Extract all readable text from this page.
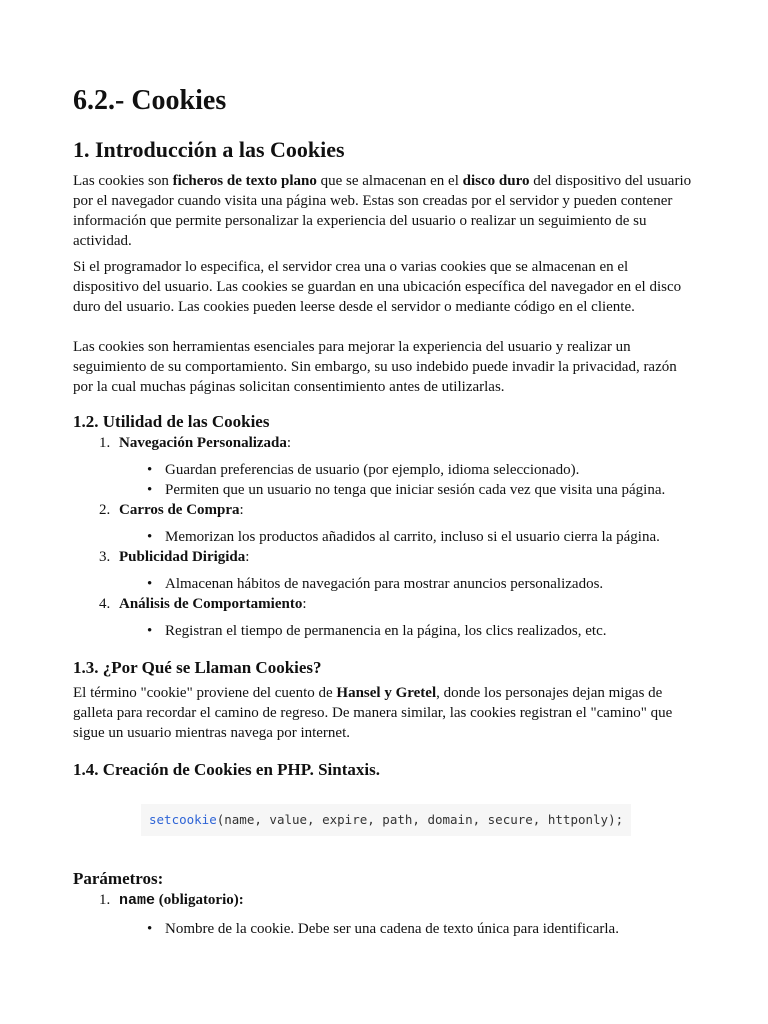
6.2.- Cookies
1. Introducción a las Cookies

Las cookies son ficheros de texto plano que se almacenan en el disco duro del dispositivo del usuario por el navegador cuando visita una página web. Estas son creadas por el servidor y pueden contener información que permite personalizar la experiencia del usuario o realizar un seguimiento de su actividad.

Si el programador lo especifica, el servidor crea una o varias cookies que se almacenan en el dispositivo del usuario. Las cookies se guardan en una ubicación específica del navegador en el disco duro del usuario. Las cookies pueden leerse desde el servidor o mediante código en el cliente.

Las cookies son herramientas esenciales para mejorar la experiencia del usuario y realizar un seguimiento de su comportamiento. Sin embargo, su uso indebido puede invadir la privacidad, razón por la cual muchas páginas solicitan consentimiento antes de utilizarlas.

1.2. Utilidad de las Cookies
1. Navegación Personalizada:
• Guardan preferencias de usuario (por ejemplo, idioma seleccionado).
• Permiten que un usuario no tenga que iniciar sesión cada vez que visita una página.
2. Carros de Compra:
• Memorizan los productos añadidos al carrito, incluso si el usuario cierra la página.
3. Publicidad Dirigida:
• Almacenan hábitos de navegación para mostrar anuncios personalizados.
4. Análisis de Comportamiento:
• Registran el tiempo de permanencia en la página, los clics realizados, etc.
1.3. ¿Por Qué se Llaman Cookies?

El término "cookie" proviene del cuento de Hansel y Gretel, donde los personajes dejan migas de galleta para recordar el camino de regreso. De manera similar, las cookies registran el "camino" que sigue un usuario mientras navega por internet.

1.4. Creación de Cookies en PHP. Sintaxis.
setcookie(name, value, expire, path, domain, secure, httponly);
Parámetros:
1. name (obligatorio):
• Nombre de la cookie. Debe ser una cadena de texto única para identificarla.
